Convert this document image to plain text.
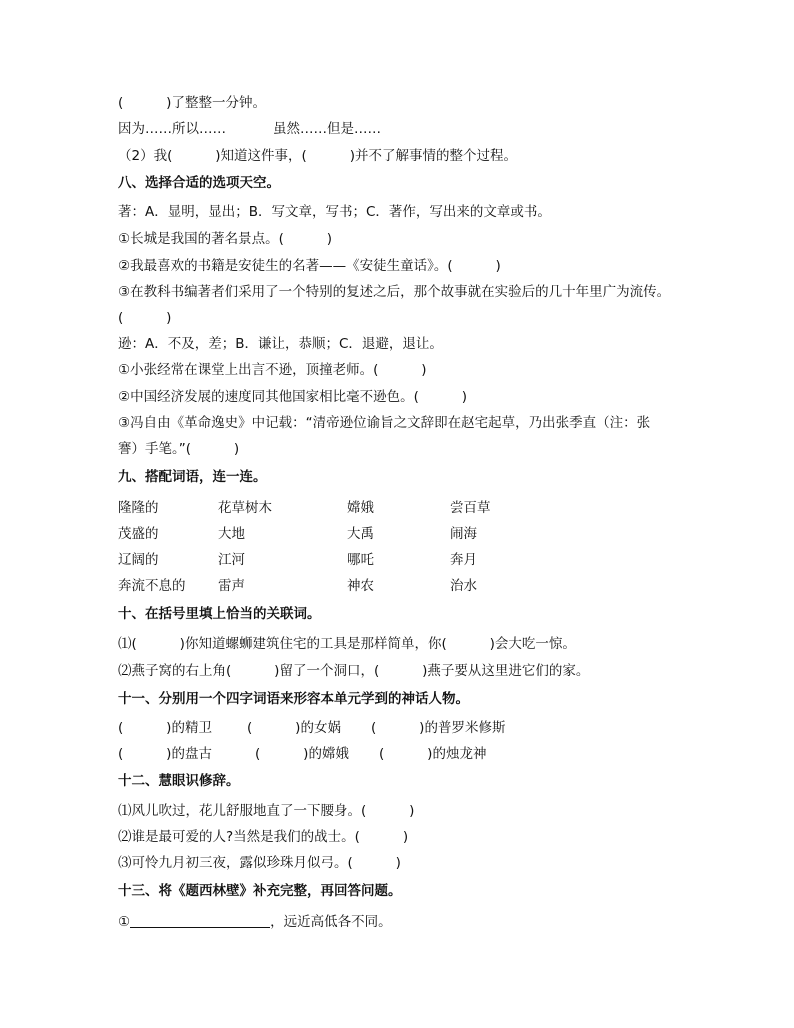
(          )了整整一分钟。
因为……所以……	虽然……但是……
（2）我(          )知道这件事，(          )并不了解事情的整个过程。
八、选择合适的选项天空。
著：A．显明，显出；B．写文章，写书；C．著作，写出来的文章或书。
①长城是我国的著名景点。(          )
②我最喜欢的书籍是安徒生的名著——《安徒生童话》。(          )
③在教科书编著者们采用了一个特别的复述之后，那个故事就在实验后的几十年里广为流传。
(          )
逊：A．不及，差；B．谦让，恭顺；C．退避，退让。
①小张经常在课堂上出言不逊，顶撞老师。(          )
②中国经济发展的速度同其他国家相比毫不逊色。(          )
③冯自由《革命逸史》中记载：“清帝逊位谕旨之文辞即在赵宅起草，乃出张季直（注：张
謇）手笔。”(          )
九、搭配词语，连一连。
隆隆的	花草树木	嫦娥	尝百草
茂盛的	大地	大禹	闹海
辽阔的	江河	哪吒	奔月
奔流不息的 雷声	神农	治水
十、在括号里填上恰当的关联词。
⑴(          )你知道螺蛳建筑住宅的工具是那样简单，你(          )会大吃一惊。
⑵燕子窝的右上角(          )留了一个洞口，(          )燕子要从这里进它们的家。
十一、分别用一个四字词语来形容本单元学到的神话人物。
(          )的精卫	(          )的女娲 (          )的普罗米修斯
(          )的盘古	(          )的嫦娥 (          )的烛龙神
十二、慧眼识修辞。
⑴风儿吹过，花儿舒服地直了一下腰身。(          )
⑵谁是最可爱的人?当然是我们的战士。(          )
⑶可怜九月初三夜，露似珍珠月似弓。(          )
十三、将《题西林壁》补充完整，再回答问题。
①	，远近高低各不同。
